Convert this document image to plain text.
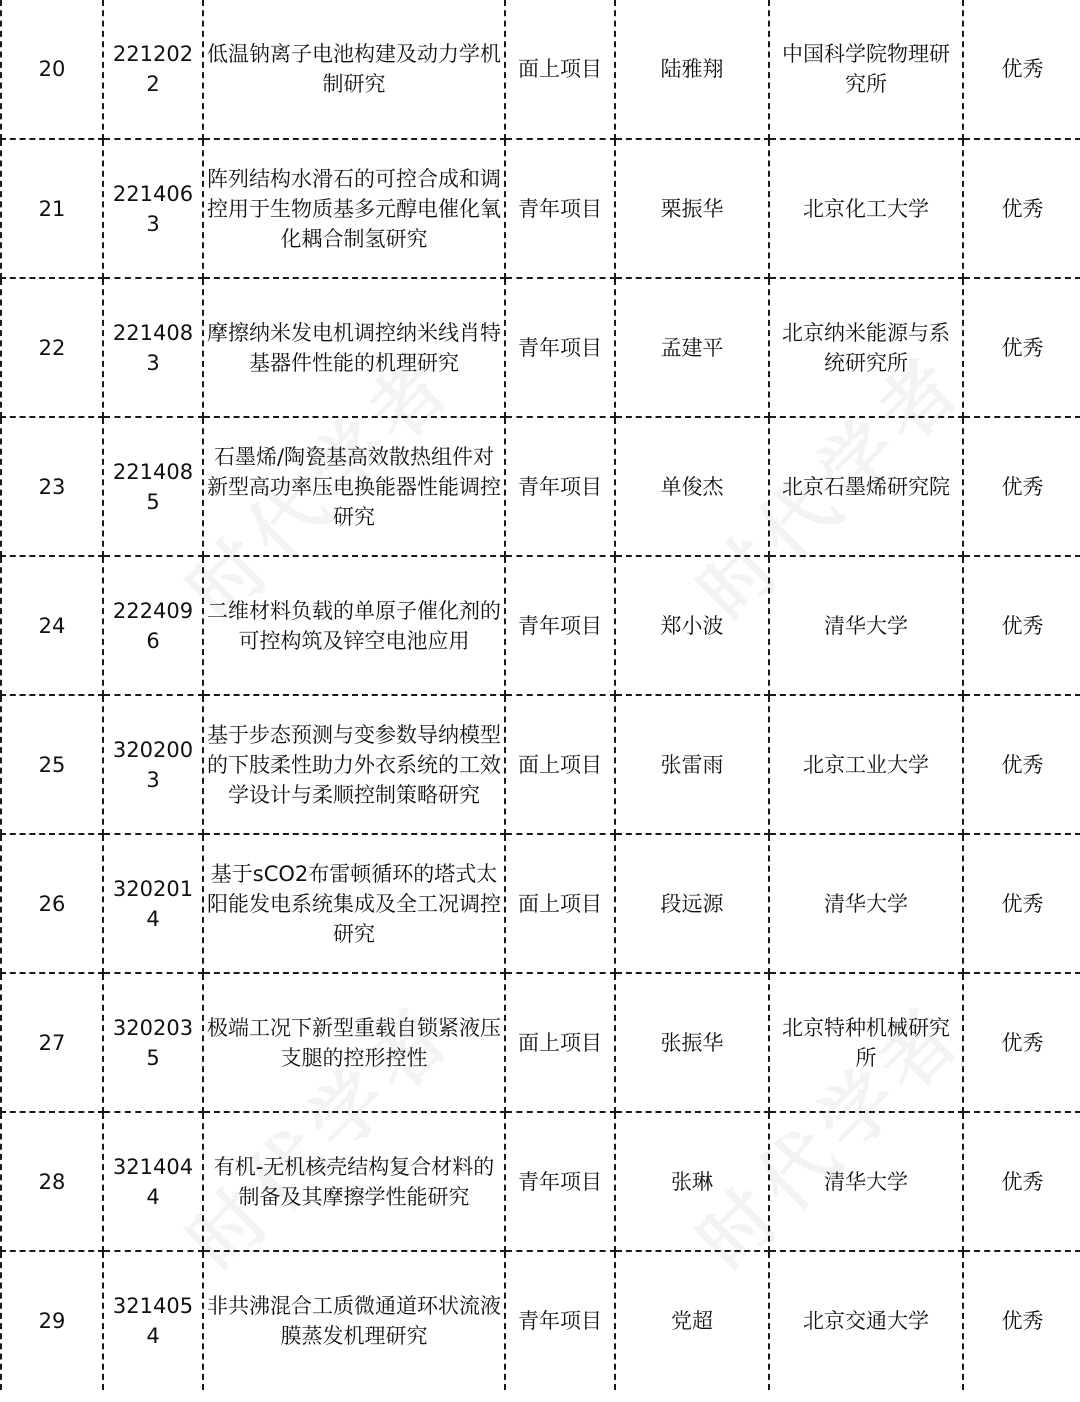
20	2212022	低温钠离子电池构建及动力学机制研究	面上项目	陆雅翔	中国科学院物理研究所	优秀
21	2214063	阵列结构水滑石的可控合成和调控用于生物质基多元醇电催化氧化耦合制氢研究	青年项目	栗振华	北京化工大学	优秀
22	2214083	摩擦纳米发电机调控纳米线肖特基器件性能的机理研究	青年项目	孟建平	北京纳米能源与系统研究所	优秀
23	2214085	石墨烯/陶瓷基高效散热组件对新型高功率压电换能器性能调控研究	青年项目	单俊杰	北京石墨烯研究院	优秀
24	2224096	二维材料负载的单原子催化剂的可控构筑及锌空电池应用	青年项目	郑小波	清华大学	优秀
25	3202003	基于步态预测与变参数导纳模型的下肢柔性助力外衣系统的工效学设计与柔顺控制策略研究	面上项目	张雷雨	北京工业大学	优秀
26	3202014	基于sCO2布雷顿循环的塔式太阳能发电系统集成及全工况调控研究	面上项目	段远源	清华大学	优秀
27	3202035	极端工况下新型重载自锁紧液压支腿的控形控性	面上项目	张振华	北京特种机械研究所	优秀
28	3214044	有机-无机核壳结构复合材料的制备及其摩擦学性能研究	青年项目	张琳	清华大学	优秀
29	3214054	非共沸混合工质微通道环状流液膜蒸发机理研究	青年项目	党超	北京交通大学	优秀
